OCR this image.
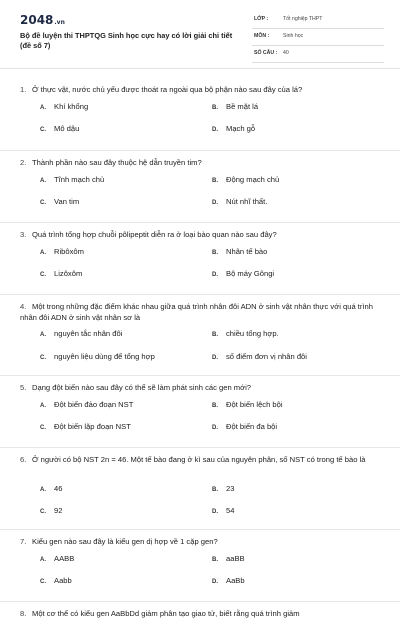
2048.vn
Bộ đề luyện thi THPTQG Sinh học cực hay có lời giải chi tiết (đề số 7)
LỚP :	Tốt nghiệp THPT
MÔN :	Sinh học
SỐ CÂU : 40
1. Ở thực vật, nước chủ yếu được thoát ra ngoài qua bộ phận nào sau đây của lá?
A. Khí khổng	B. Bề mặt lá
C. Mô dậu	D. Mạch gỗ
2. Thành phần nào sau đây thuộc hệ dẫn truyền tim?
A. Tĩnh mạch chủ	B. Động mạch chủ
C. Van tim	D. Nút nhĩ thất.
3. Quá trình tổng hợp chuỗi pôlipeptit diễn ra ở loại bào quan nào sau đây?
A. Ribôxôm	B. Nhân tế bào
C. Lizôxôm	D. Bộ máy Gôngi
4. Một trong những đặc điểm khác nhau giữa quá trình nhân đôi ADN ở sinh vật nhân thực với quá trình nhân đôi ADN ở sinh vật nhân sơ là
A. nguyên tắc nhân đôi	B. chiều tổng hợp.
C. nguyên liệu dùng để tổng hợp	D. số điểm đơn vị nhân đôi
5. Dạng đột biến nào sau đây có thể sẽ làm phát sinh các gen mới?
A. Đột biến đảo đoạn NST	B. Đột biến lệch bội
C. Đột biến lặp đoạn NST	D. Đột biến đa bội
6. Ở người có bộ NST 2n = 46. Một tế bào đang ở kì sau của nguyên phân, số NST có trong tế bào là
A. 46	B. 23
C. 92	D. 54
7. Kiểu gen nào sau đây là kiểu gen dị hợp về 1 cặp gen?
A. AABB	B. aaBB
C. Aabb	D. AaBb
8. Một cơ thể có kiểu gen AaBbDd giảm phân tạo giao tử, biết rằng quá trình giảm
